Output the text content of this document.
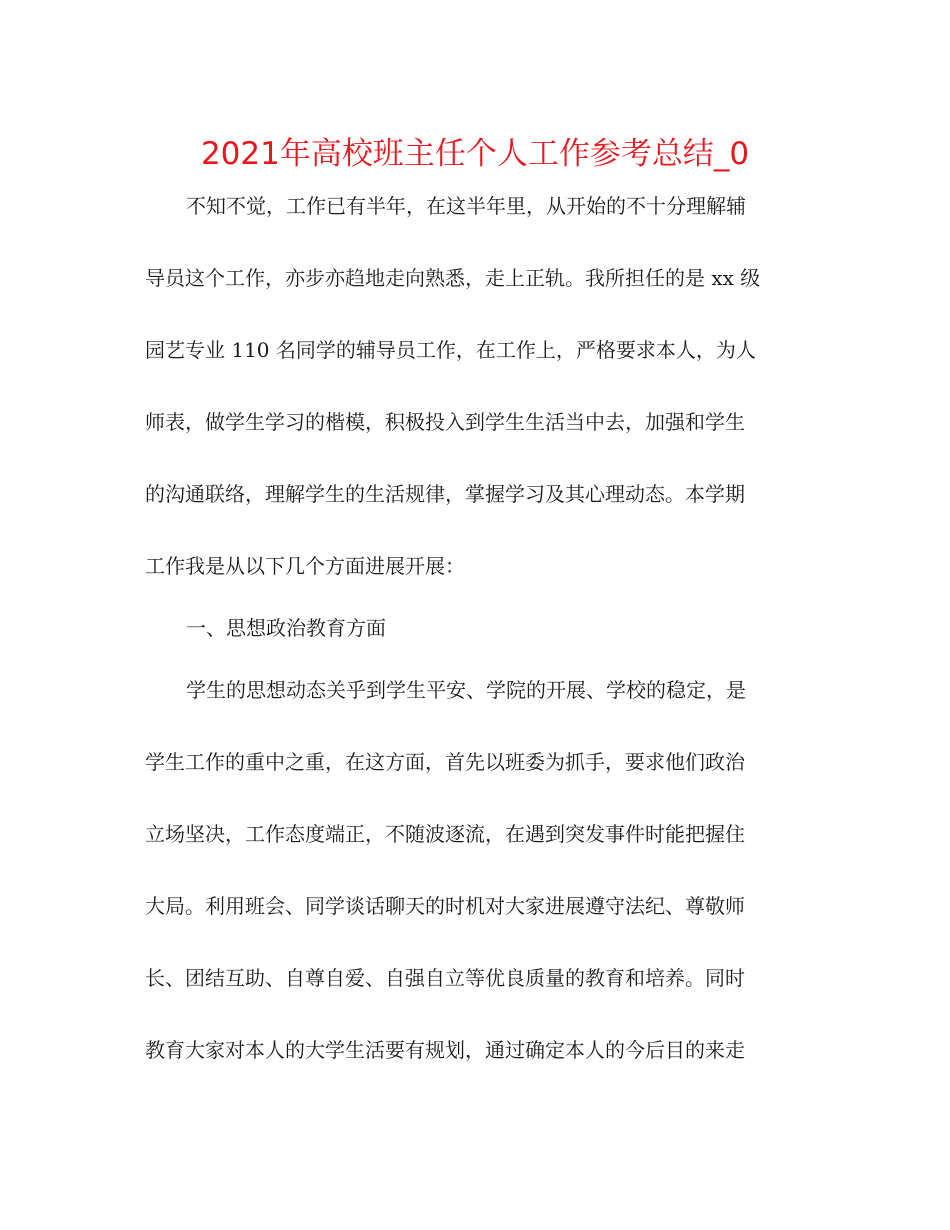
2021年高校班主任个人工作参考总结_0

不知不觉，工作已有半年，在这半年里，从开始的不十分理解辅

导员这个工作，亦步亦趋地走向熟悉，走上正轨。我所担任的是 xx 级

园艺专业 110 名同学的辅导员工作，在工作上，严格要求本人，为人

师表，做学生学习的楷模，积极投入到学生生活当中去，加强和学生

的沟通联络，理解学生的生活规律，掌握学习及其心理动态。本学期

工作我是从以下几个方面进展开展：

一、思想政治教育方面

学生的思想动态关乎到学生平安、学院的开展、学校的稳定，是

学生工作的重中之重，在这方面，首先以班委为抓手，要求他们政治

立场坚决，工作态度端正，不随波逐流，在遇到突发事件时能把握住

大局。利用班会、同学谈话聊天的时机对大家进展遵守法纪、尊敬师

长、团结互助、自尊自爱、自强自立等优良质量的教育和培养。同时

教育大家对本人的大学生活要有规划，通过确定本人的今后目的来走
